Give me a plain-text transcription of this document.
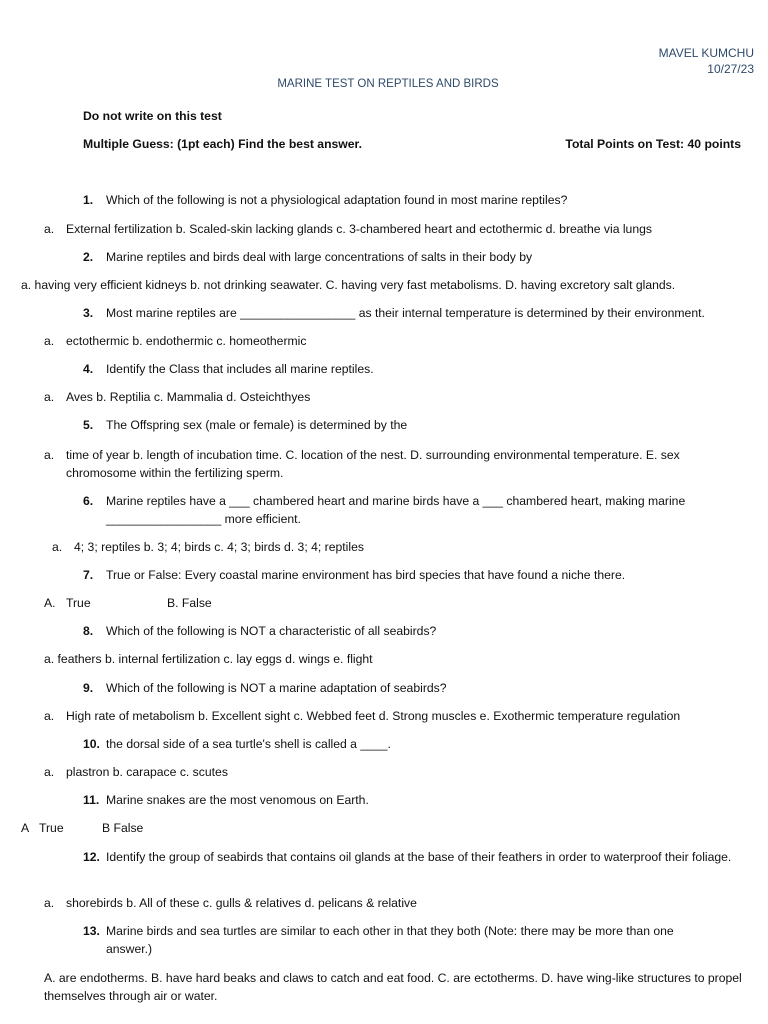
MAVEL KUMCHU
10/27/23
MARINE TEST ON REPTILES AND BIRDS
Do not write on this test
Multiple Guess: (1pt each) Find the best answer.	Total Points on Test: 40 points
1.	Which of the following is not a physiological adaptation found in most marine reptiles?
a. External fertilization b. Scaled-skin lacking glands c. 3-chambered heart and ectothermic d. breathe via lungs
2.	Marine reptiles and birds deal with large concentrations of salts in their body by
a. having very efficient kidneys b. not drinking seawater. C. having very fast metabolisms. D. having excretory salt glands.
3.	Most marine reptiles are _________________ as their internal temperature is determined by their environment.
a. ectothermic b. endothermic c. homeothermic
4.	Identify the Class that includes all marine reptiles.
a. Aves b. Reptilia c. Mammalia d. Osteichthyes
5.	The Offspring sex (male or female) is determined by the
a. time of year b. length of incubation time. C. location of the nest. D. surrounding environmental temperature. E. sex chromosome within the fertilizing sperm.
6.	Marine reptiles have a ___ chambered heart and marine birds have a ___ chambered heart, making marine _________________ more efficient.
a. 4; 3; reptiles b. 3; 4; birds c. 4; 3; birds d. 3; 4; reptiles
7.	True or False: Every coastal marine environment has bird species that have found a niche there.
A. True	B. False
8.	Which of the following is NOT a characteristic of all seabirds?
a. feathers b. internal fertilization c. lay eggs d. wings e. flight
9.	Which of the following is NOT a marine adaptation of seabirds?
a. High rate of metabolism b. Excellent sight c. Webbed feet d. Strong muscles e. Exothermic temperature regulation
10. the dorsal side of a sea turtle's shell is called a ____.
a. plastron b. carapace c. scutes
11. Marine snakes are the most venomous on Earth.
A True	B False
12. Identify the group of seabirds that contains oil glands at the base of their feathers in order to waterproof their foliage.
a. shorebirds b. All of these c. gulls & relatives d. pelicans & relative
13. Marine birds and sea turtles are similar to each other in that they both (Note: there may be more than one answer.)
A. are endotherms. B. have hard beaks and claws to catch and eat food. C. are ectotherms. D. have wing-like structures to propel themselves through air or water.
